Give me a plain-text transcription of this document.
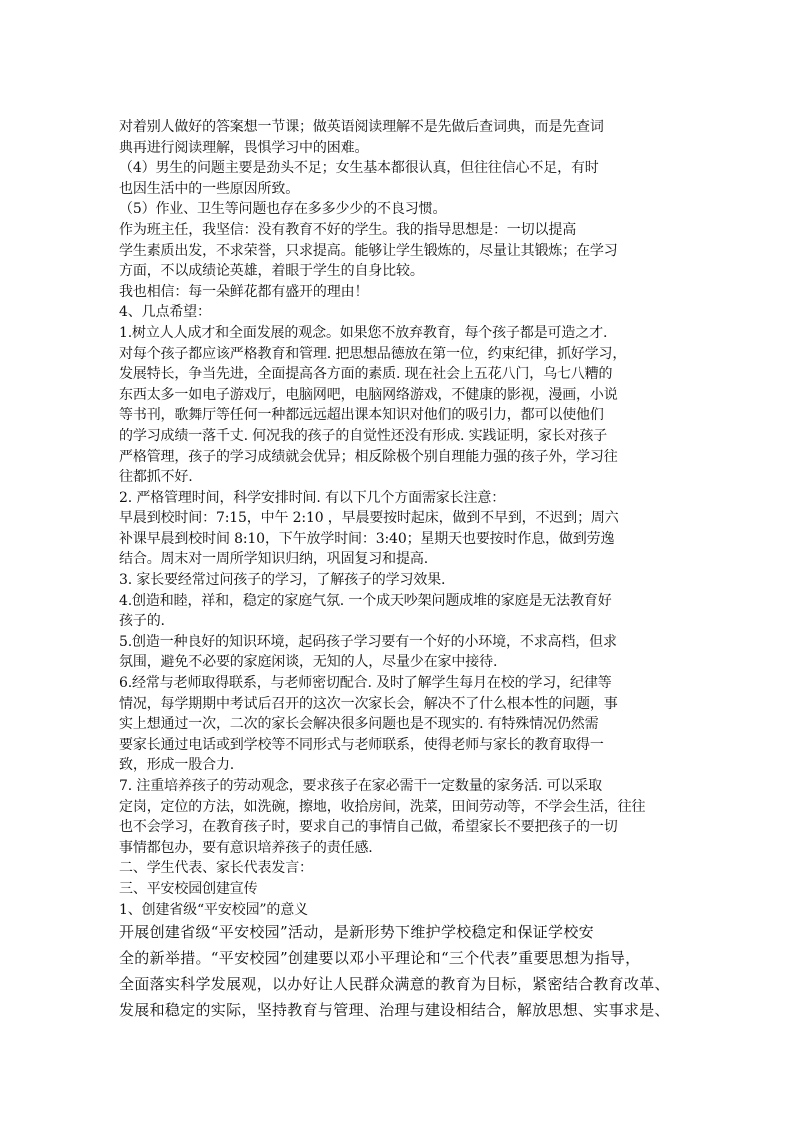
对着别人做好的答案想一节课；做英语阅读理解不是先做后查词典，而是先查词
典再进行阅读理解，畏惧学习中的困难。
（4）男生的问题主要是劲头不足；女生基本都很认真，但往往信心不足，有时
也因生活中的一些原因所致。
（5）作业、卫生等问题也存在多多少少的不良习惯。
作为班主任，我坚信：没有教育不好的学生。我的指导思想是：一切以提高
学生素质出发，不求荣誉，只求提高。能够让学生锻炼的，尽量让其锻炼；在学习
方面，不以成绩论英雄，着眼于学生的自身比较。
我也相信：每一朵鲜花都有盛开的理由！
4、几点希望：
1.树立人人成才和全面发展的观念。如果您不放弃教育，每个孩子都是可造之才.
对每个孩子都应该严格教育和管理. 把思想品德放在第一位，约束纪律，抓好学习，
发展特长，争当先进，全面提高各方面的素质. 现在社会上五花八门，乌七八糟的
东西太多一如电子游戏厅，电脑网吧，电脑网络游戏，不健康的影视，漫画，小说
等书刊，歌舞厅等任何一种都远远超出课本知识对他们的吸引力，都可以使他们
的学习成绩一落千丈. 何况我的孩子的自觉性还没有形成. 实践证明，家长对孩子
严格管理，孩子的学习成绩就会优异；相反除极个别自理能力强的孩子外，学习往
往都抓不好.
2. 严格管理时间，科学安排时间. 有以下几个方面需家长注意：
早晨到校时间：7:15，中午 2:10 ，早晨要按时起床，做到不早到，不迟到；周六
补课早晨到校时间 8:10，下午放学时间：3:40；星期天也要按时作息，做到劳逸
结合。周末对一周所学知识归纳，巩固复习和提高.
3. 家长要经常过问孩子的学习，了解孩子的学习效果.
4.创造和睦，祥和，稳定的家庭气氛. 一个成天吵架问题成堆的家庭是无法教育好
孩子的.
5.创造一种良好的知识环境，起码孩子学习要有一个好的小环境，不求高档，但求
氛围，避免不必要的家庭闲谈，无知的人，尽量少在家中接待.
6.经常与老师取得联系，与老师密切配合. 及时了解学生每月在校的学习，纪律等
情况，每学期期中考试后召开的这次一次家长会，解决不了什么根本性的问题，事
实上想通过一次，二次的家长会解决很多问题也是不现实的. 有特殊情况仍然需
要家长通过电话或到学校等不同形式与老师联系，使得老师与家长的教育取得一
致，形成一股合力.
7. 注重培养孩子的劳动观念，要求孩子在家必需干一定数量的家务活. 可以采取
定岗，定位的方法，如洗碗，擦地，收拾房间，洗菜，田间劳动等，不学会生活，往往
也不会学习，在教育孩子时，要求自己的事情自己做，希望家长不要把孩子的一切
事情都包办，要有意识培养孩子的责任感.
二、学生代表、家长代表发言：
三、平安校园创建宣传
1、创建省级“平安校园”的意义
开展创建省级“平安校园”活动，是新形势下维护学校稳定和保证学校安
全的新举措。“平安校园”创建要以邓小平理论和“三个代表”重要思想为指导，
全面落实科学发展观，以办好让人民群众满意的教育为目标，紧密结合教育改革、
发展和稳定的实际，坚持教育与管理、治理与建设相结合，解放思想、实事求是、
